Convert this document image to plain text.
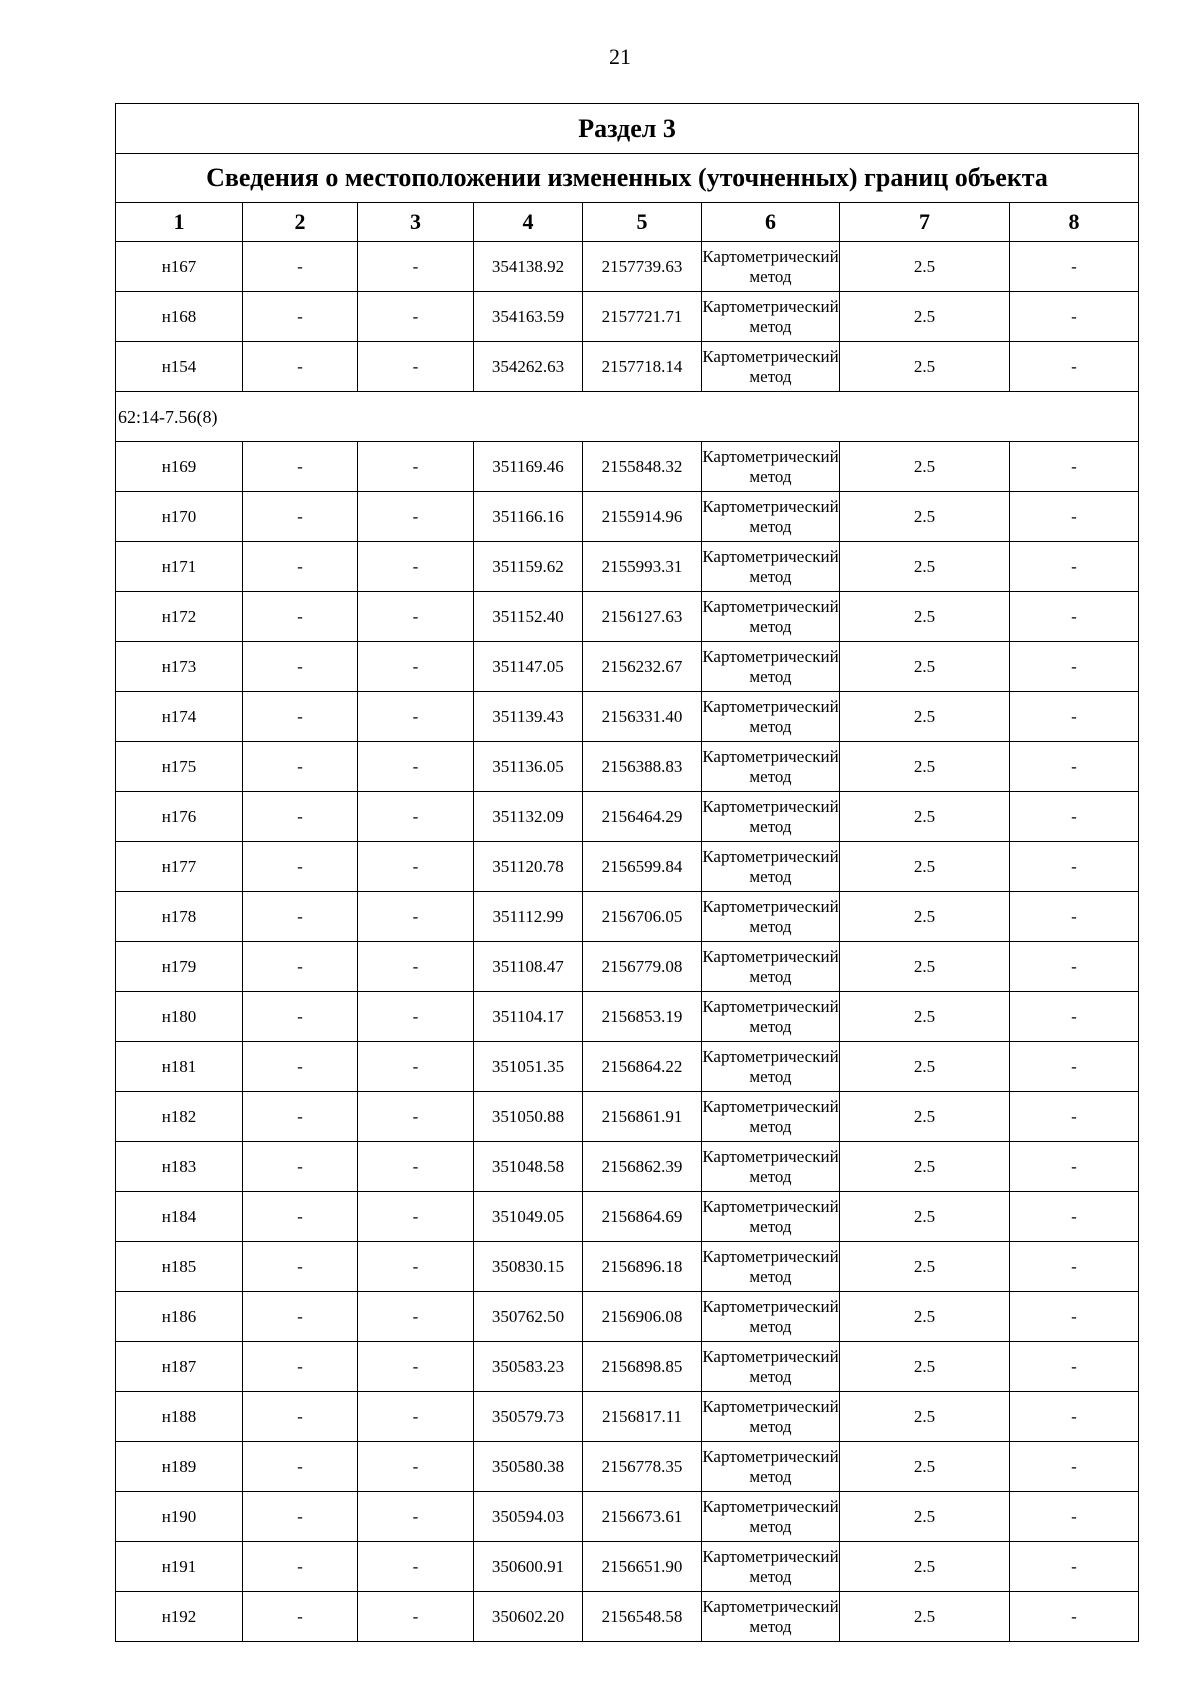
21
Раздел 3							
Сведения о местоположении измененных (уточненных) границ объекта							
1	2	3	4	5	6	7	8
н167	-	-	354138.92	2157739.63	Картометрический метод	2.5	-
н168	-	-	354163.59	2157721.71	Картометрический метод	2.5	-
н154	-	-	354262.63	2157718.14	Картометрический метод	2.5	-
62:14-7.56(8)							
н169	-	-	351169.46	2155848.32	Картометрический метод	2.5	-
н170	-	-	351166.16	2155914.96	Картометрический метод	2.5	-
н171	-	-	351159.62	2155993.31	Картометрический метод	2.5	-
н172	-	-	351152.40	2156127.63	Картометрический метод	2.5	-
н173	-	-	351147.05	2156232.67	Картометрический метод	2.5	-
н174	-	-	351139.43	2156331.40	Картометрический метод	2.5	-
н175	-	-	351136.05	2156388.83	Картометрический метод	2.5	-
н176	-	-	351132.09	2156464.29	Картометрический метод	2.5	-
н177	-	-	351120.78	2156599.84	Картометрический метод	2.5	-
н178	-	-	351112.99	2156706.05	Картометрический метод	2.5	-
н179	-	-	351108.47	2156779.08	Картометрический метод	2.5	-
н180	-	-	351104.17	2156853.19	Картометрический метод	2.5	-
н181	-	-	351051.35	2156864.22	Картометрический метод	2.5	-
н182	-	-	351050.88	2156861.91	Картометрический метод	2.5	-
н183	-	-	351048.58	2156862.39	Картометрический метод	2.5	-
н184	-	-	351049.05	2156864.69	Картометрический метод	2.5	-
н185	-	-	350830.15	2156896.18	Картометрический метод	2.5	-
н186	-	-	350762.50	2156906.08	Картометрический метод	2.5	-
н187	-	-	350583.23	2156898.85	Картометрический метод	2.5	-
н188	-	-	350579.73	2156817.11	Картометрический метод	2.5	-
н189	-	-	350580.38	2156778.35	Картометрический метод	2.5	-
н190	-	-	350594.03	2156673.61	Картометрический метод	2.5	-
н191	-	-	350600.91	2156651.90	Картометрический метод	2.5	-
н192	-	-	350602.20	2156548.58	Картометрический метод	2.5	-
